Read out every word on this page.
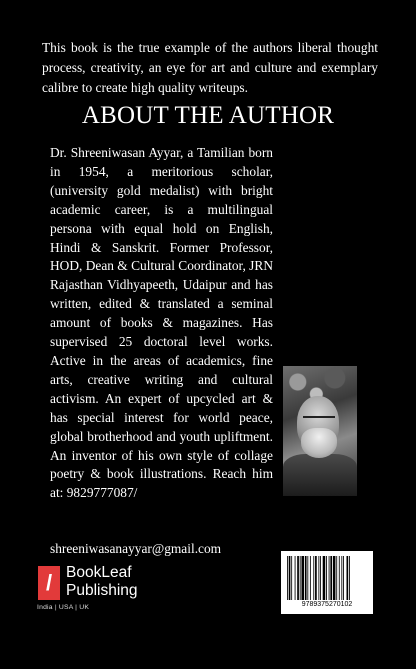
This book is the true example of the authors liberal thought process, creativity, an eye for art and culture and exemplary calibre to create high quality writeups.
ABOUT THE AUTHOR
Dr. Shreeniwasan Ayyar, a Tamilian born in 1954, a meritorious scholar, (university gold medalist) with bright academic career, is a multilingual persona with equal hold on English, Hindi & Sanskrit. Former Professor, HOD, Dean & Cultural Coordinator, JRN Rajasthan Vidhyapeeth, Udaipur and has written, edited & translated a seminal amount of books & magazines. Has supervised 25 doctoral level works. Active in the areas of academics, fine arts, creative writing and cultural activism. An expert of upcycled art & has special interest for world peace, global brotherhood and youth upliftment. An inventor of his own style of collage poetry & book illustrations. Reach him at: 9829777087/
shreeniwasanayyar@gmail.com
/ BookLeaf
Publishing
India | USA | UK	9789375270102
